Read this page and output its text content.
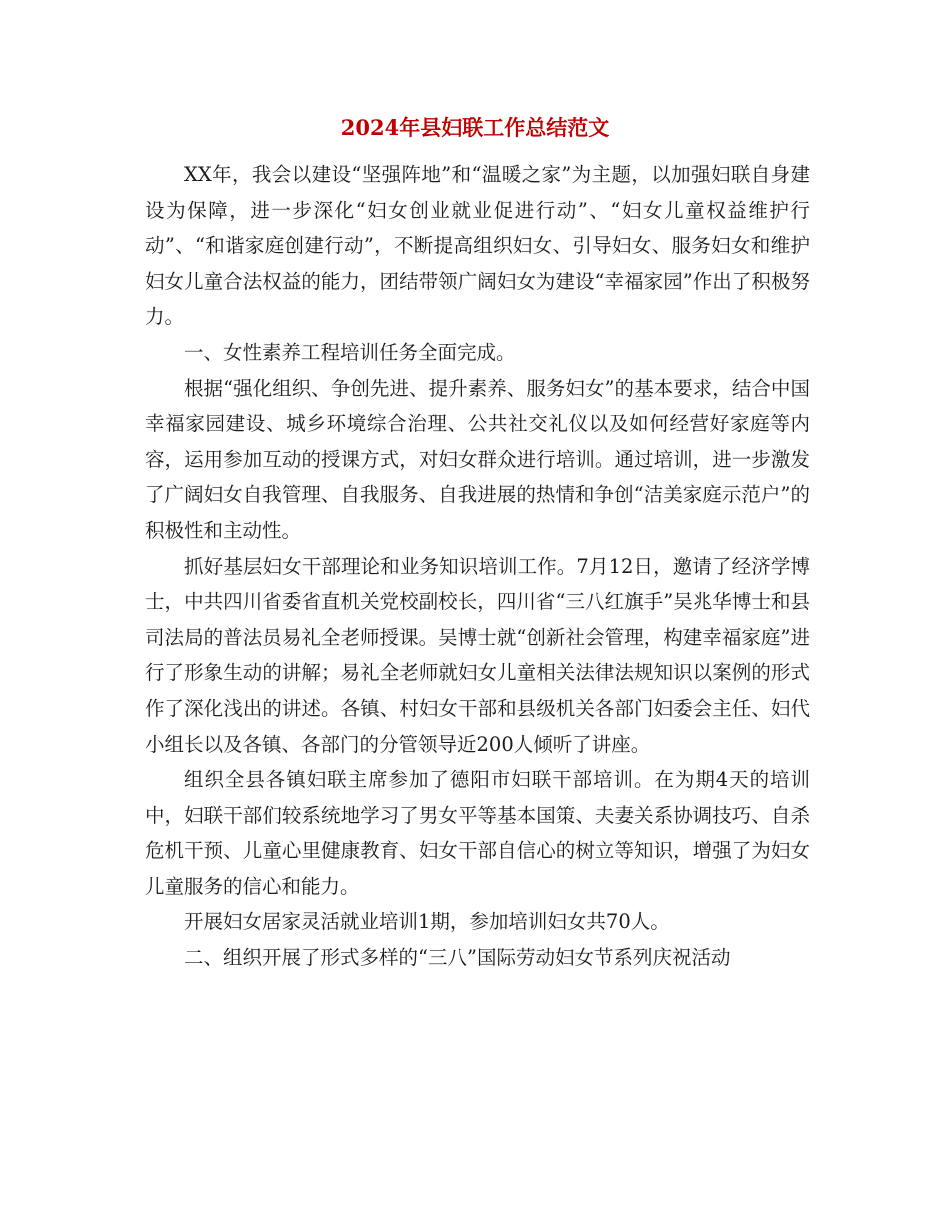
2024年县妇联工作总结范文

XX年，我会以建设“坚强阵地”和“温暖之家”为主题，以加强妇联自身建设为保障，进一步深化“妇女创业就业促进行动”、“妇女儿童权益维护行动”、“和谐家庭创建行动”，不断提高组织妇女、引导妇女、服务妇女和维护妇女儿童合法权益的能力，团结带领广阔妇女为建设“幸福家园”作出了积极努力。

一、女性素养工程培训任务全面完成。

根据“强化组织、争创先进、提升素养、服务妇女”的基本要求，结合中国幸福家园建设、城乡环境综合治理、公共社交礼仪以及如何经营好家庭等内容，运用参加互动的授课方式，对妇女群众进行培训。通过培训，进一步激发了广阔妇女自我管理、自我服务、自我进展的热情和争创“洁美家庭示范户”的积极性和主动性。

抓好基层妇女干部理论和业务知识培训工作。7月12日，邀请了经济学博士，中共四川省委省直机关党校副校长，四川省“三八红旗手”吴兆华博士和县司法局的普法员易礼全老师授课。吴博士就“创新社会管理，构建幸福家庭”进行了形象生动的讲解；易礼全老师就妇女儿童相关法律法规知识以案例的形式作了深化浅出的讲述。各镇、村妇女干部和县级机关各部门妇委会主任、妇代小组长以及各镇、各部门的分管领导近200人倾听了讲座。

组织全县各镇妇联主席参加了德阳市妇联干部培训。在为期4天的培训中，妇联干部们较系统地学习了男女平等基本国策、夫妻关系协调技巧、自杀危机干预、儿童心里健康教育、妇女干部自信心的树立等知识，增强了为妇女儿童服务的信心和能力。

开展妇女居家灵活就业培训1期，参加培训妇女共70人。

二、组织开展了形式多样的“三八”国际劳动妇女节系列庆祝活动
